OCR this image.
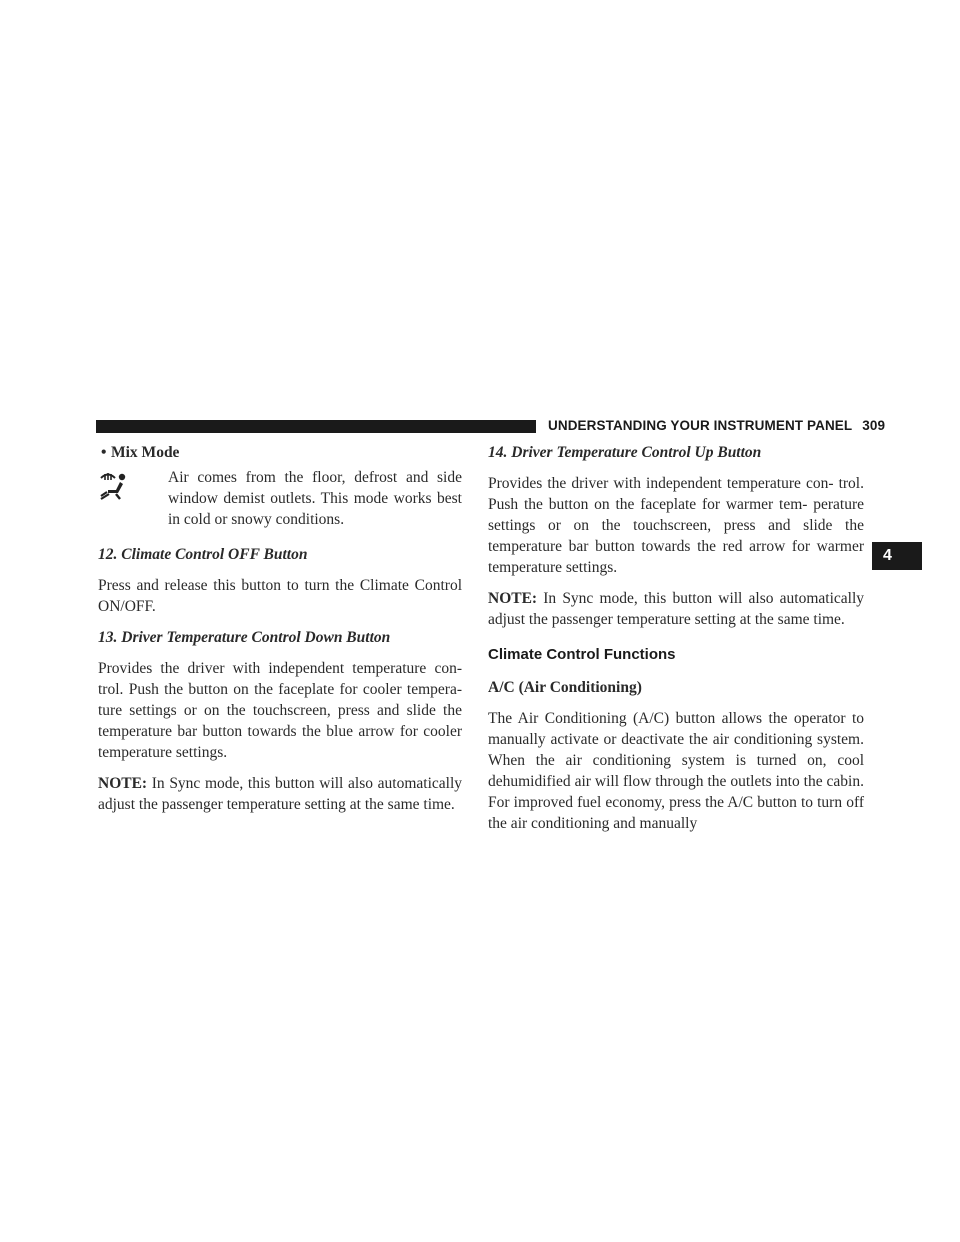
UNDERSTANDING YOUR INSTRUMENT PANEL 309
4
• Mix Mode
Air comes from the floor, defrost and side window demist outlets. This mode works best in cold or snowy conditions.
12. Climate Control OFF Button
Press and release this button to turn the Climate Control ON/OFF.
13. Driver Temperature Control Down Button
Provides the driver with independent temperature con- trol. Push the button on the faceplate for cooler tempera- ture settings or on the touchscreen, press and slide the temperature bar button towards the blue arrow for cooler temperature settings.
NOTE: In Sync mode, this button will also automatically adjust the passenger temperature setting at the same time.
14. Driver Temperature Control Up Button
Provides the driver with independent temperature con- trol. Push the button on the faceplate for warmer tem- perature settings or on the touchscreen, press and slide the temperature bar button towards the red arrow for warmer temperature settings.
NOTE: In Sync mode, this button will also automatically adjust the passenger temperature setting at the same time.
Climate Control Functions
A/C (Air Conditioning)
The Air Conditioning (A/C) button allows the operator to manually activate or deactivate the air conditioning system. When the air conditioning system is turned on, cool dehumidified air will flow through the outlets into the cabin. For improved fuel economy, press the A/C button to turn off the air conditioning and manually
